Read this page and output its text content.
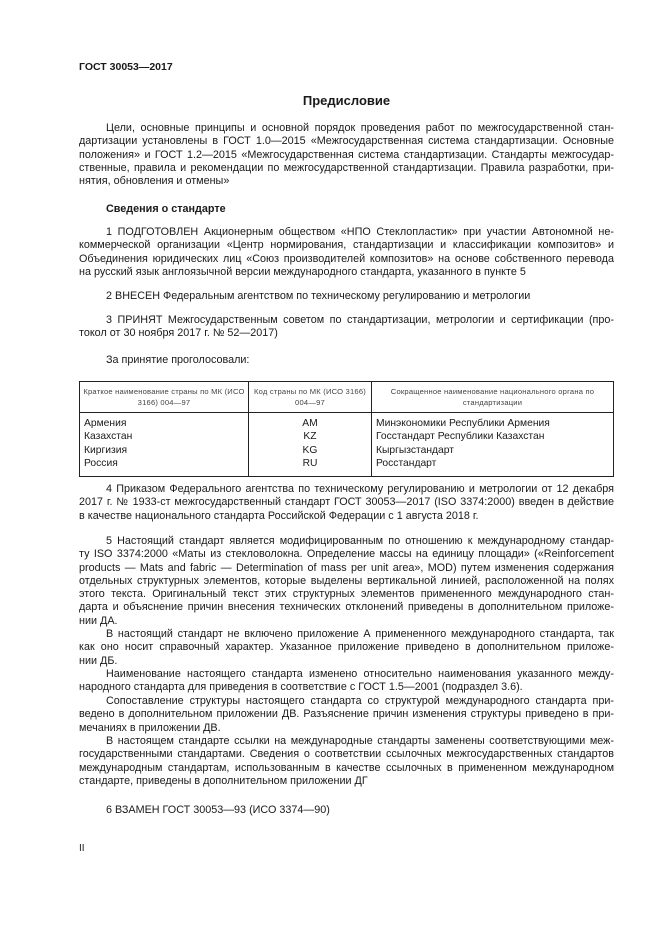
ГОСТ 30053—2017
Предисловие
Сведения о стандарте
Цели, основные принципы и основной порядок проведения работ по межгосударственной стан-
дартизации установлены в ГОСТ 1.0—2015 «Межгосударственная система стандартизации. Основные
положения» и ГОСТ 1.2—2015 «Межгосударственная система стандартизации. Стандарты межгосудар-
ственные, правила и рекомендации по межгосударственной стандартизации. Правила разработки, при-
нятия, обновления и отмены»
1 ПОДГОТОВЛЕН Акционерным обществом «НПО Стеклопластик» при участии Автономной не-
коммерческой организации «Центр нормирования, стандартизации и классификации композитов» и
Объединения юридических лиц «Союз производителей композитов» на основе собственного перевода
на русский язык англоязычной версии международного стандарта, указанного в пункте 5
2 ВНЕСЕН Федеральным агентством по техническому регулированию и метрологии
3 ПРИНЯТ Межгосударственным советом по стандартизации, метрологии и сертификации (про-
токол от 30 ноября 2017 г. № 52—2017)
За принятие проголосовали:
Краткое наименование страны по МК (ИСО 3166) 004—97	Код страны по МК (ИСО 3166) 004—97	Сокращенное наименование национального органа по стандартизации
Армения	AM	Минэкономики Республики Армения
Казахстан	KZ	Госстандарт Республики Казахстан
Киргизия	KG	Кыргызстандарт
Россия	RU	Росстандарт
4 Приказом Федерального агентства по техническому регулированию и метрологии от 12 декабря
2017 г. № 1933-ст межгосударственный стандарт ГОСТ 30053—2017 (ISO 3374:2000) введен в действие
в качестве национального стандарта Российской Федерации с 1 августа 2018 г.
5 Настоящий стандарт является модифицированным по отношению к международному стандар-
ту ISO 3374:2000 «Маты из стекловолокна. Определение массы на единицу площади» («Reinforcement
products — Mats and fabric — Determination of mass per unit area», MOD) путем изменения содержания
отдельных структурных элементов, которые выделены вертикальной линией, расположенной на полях
этого текста. Оригинальный текст этих структурных элементов примененного международного стан-
дарта и объяснение причин внесения технических отклонений приведены в дополнительном приложе-
нии ДА.
В настоящий стандарт не включено приложение А примененного международного стандарта, так
как оно носит справочный характер. Указанное приложение приведено в дополнительном приложе-
нии ДБ.
Наименование настоящего стандарта изменено относительно наименования указанного между-
народного стандарта для приведения в соответствие с ГОСТ 1.5—2001 (подраздел 3.6).
Сопоставление структуры настоящего стандарта со структурой международного стандарта при-
ведено в дополнительном приложении ДВ. Разъяснение причин изменения структуры приведено в при-
мечаниях в приложении ДВ.
В настоящем стандарте ссылки на международные стандарты заменены соответствующими меж-
государственными стандартами. Сведения о соответствии ссылочных межгосударственных стандартов
международным стандартам, использованным в качестве ссылочных в примененном международном
стандарте, приведены в дополнительном приложении ДГ
6 ВЗАМЕН ГОСТ 30053—93 (ИСО 3374—90)
II
